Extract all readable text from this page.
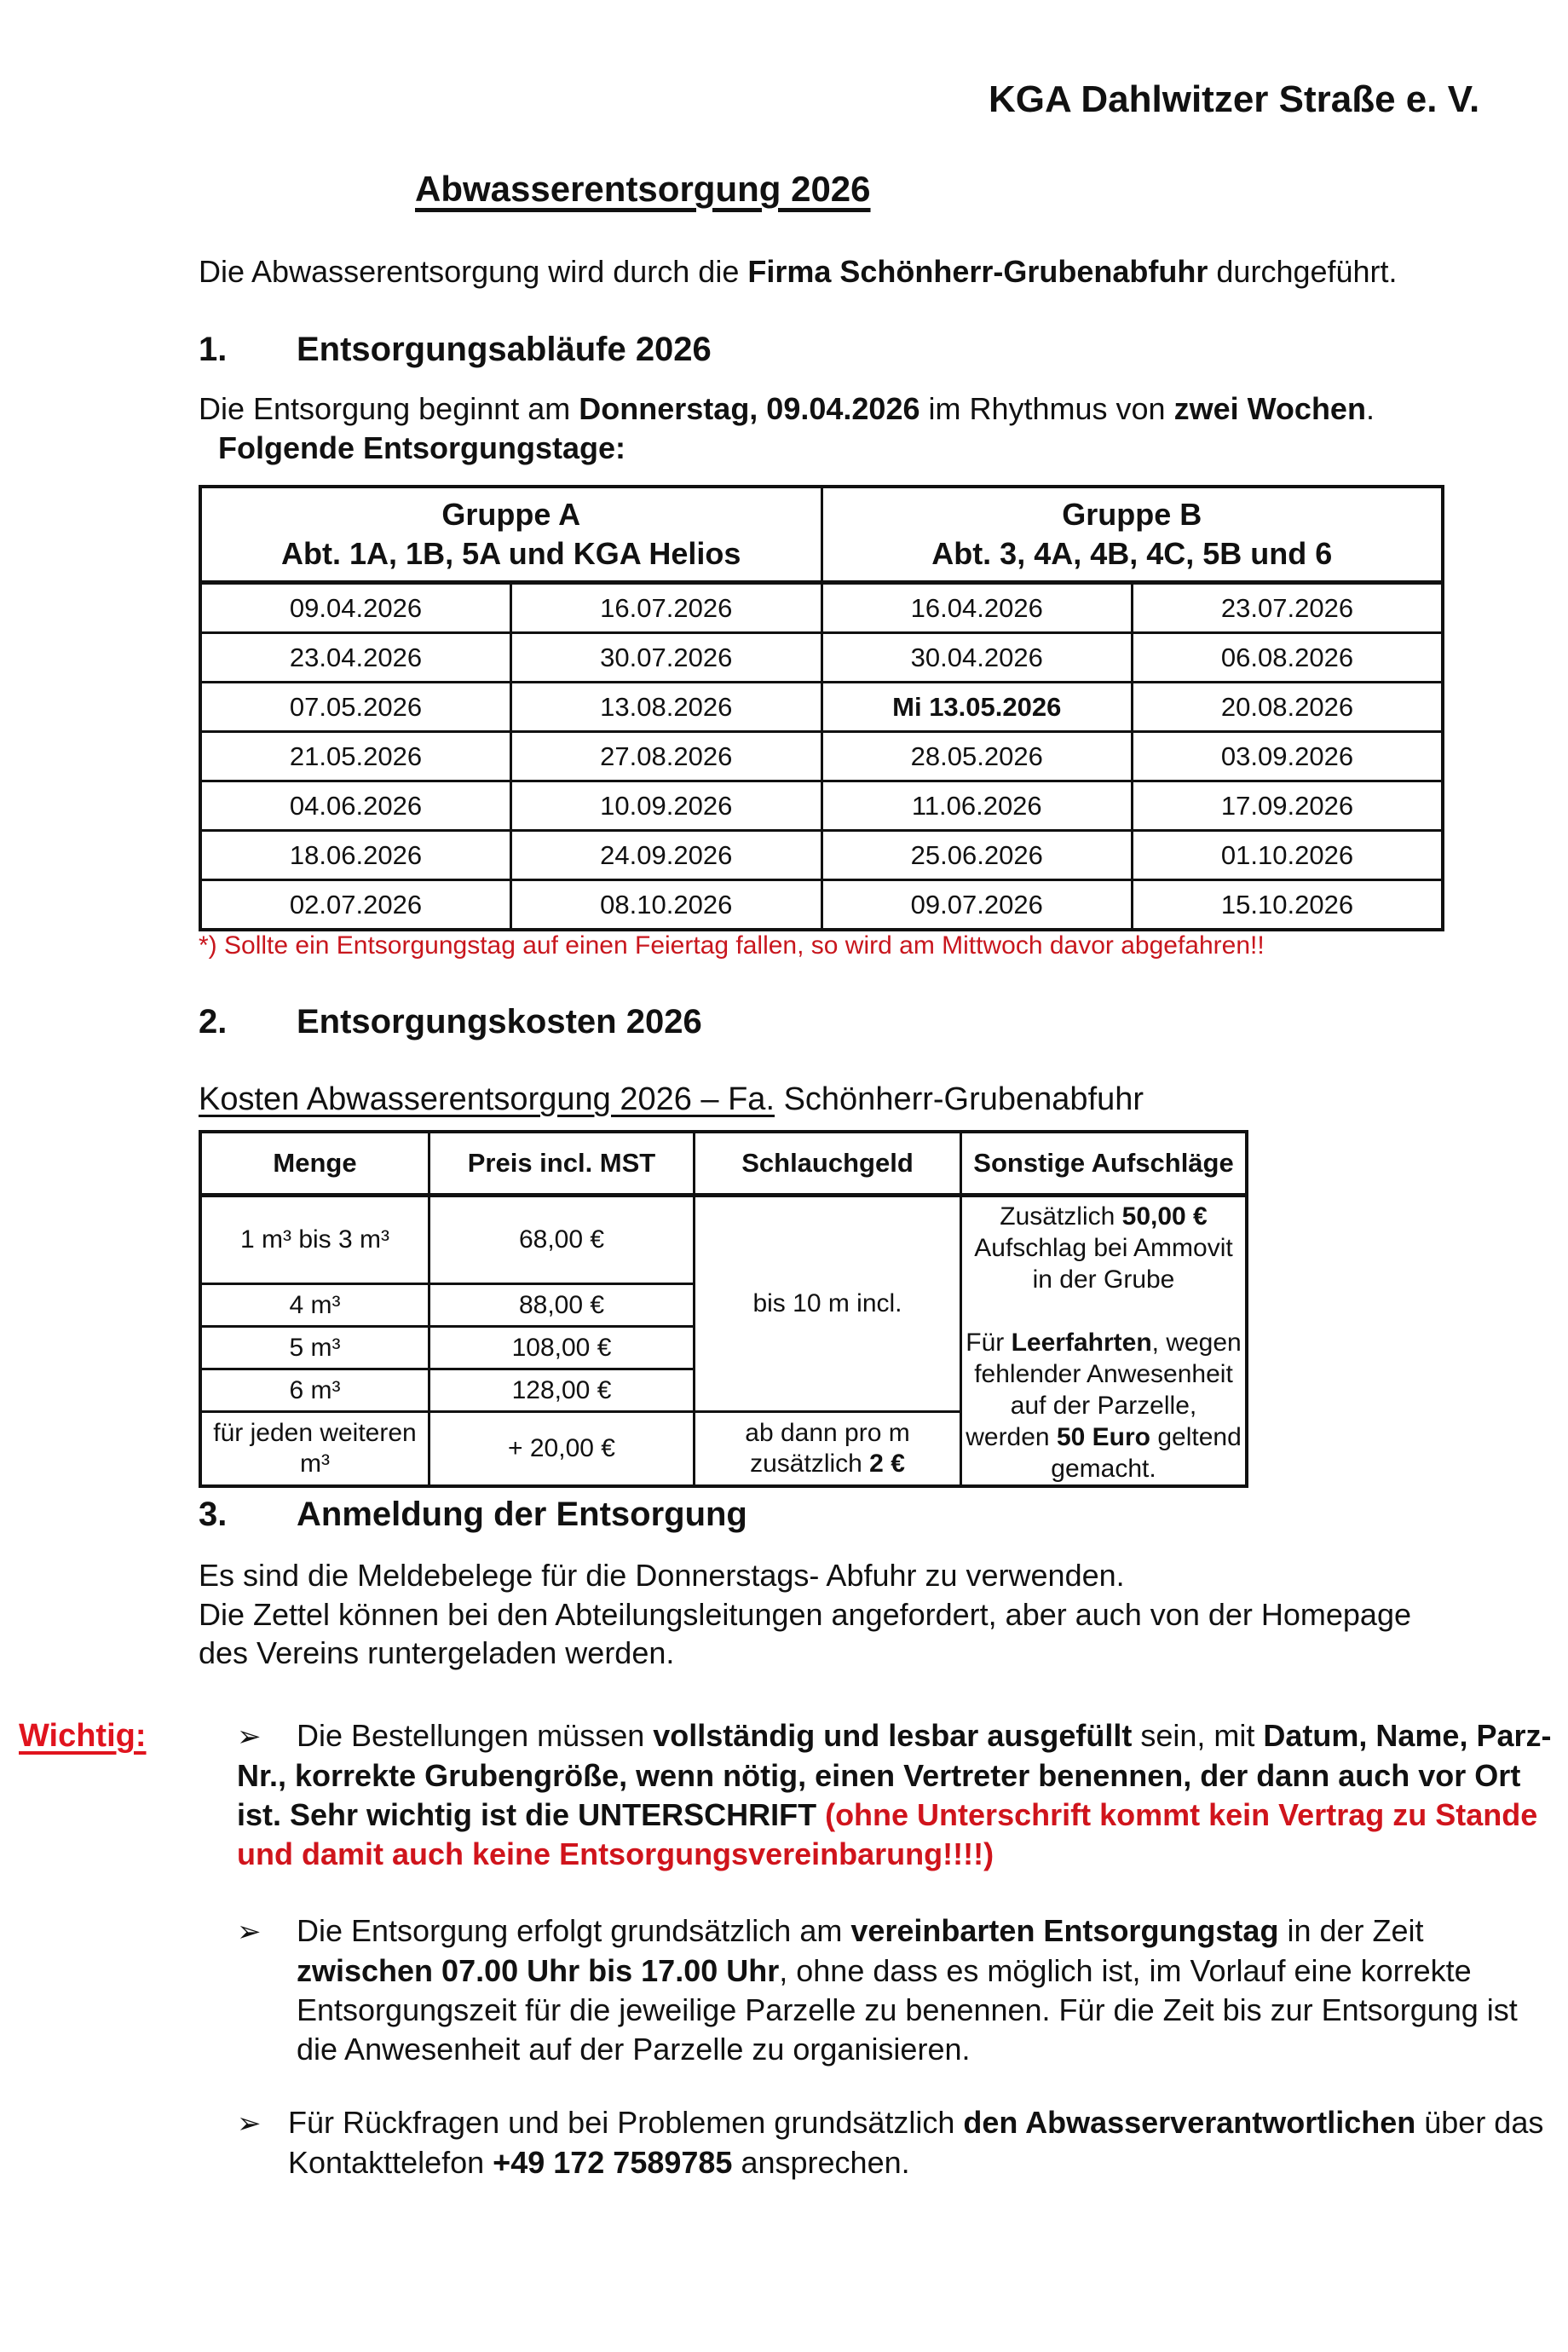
KGA Dahlwitzer Straße e. V.
Abwasserentsorgung 2026
Die Abwasserentsorgung wird durch die Firma Schönherr-Grubenabfuhr durchgeführt.
1. Entsorgungsabläufe 2026
Die Entsorgung beginnt am Donnerstag, 09.04.2026 im Rhythmus von zwei Wochen.
Folgende Entsorgungstage:
Gruppe A
Abt. 1A, 1B, 5A und KGA Helios

Gruppe B
Abt. 3, 4A, 4B, 4C, 5B und 6

09.04.2026	16.07.2026	16.04.2026	23.07.2026
23.04.2026	30.07.2026	30.04.2026	06.08.2026
07.05.2026	13.08.2026	Mi 13.05.2026	20.08.2026
21.05.2026	27.08.2026	28.05.2026	03.09.2026
04.06.2026	10.09.2026	11.06.2026	17.09.2026
18.06.2026	24.09.2026	25.06.2026	01.10.2026
02.07.2026	08.10.2026	09.07.2026	15.10.2026
*) Sollte ein Entsorgungstag auf einen Feiertag fallen, so wird am Mittwoch davor abgefahren!!
2. Entsorgungskosten 2026
Kosten Abwasserentsorgung 2026 – Fa. Schönherr-Grubenabfuhr
Menge	Preis incl. MST	Schlauchgeld	Sonstige Aufschläge
1 m³ bis 3 m³	68,00 €	bis 10 m incl.	Zusätzlich 50,00 € Aufschlag bei Ammovit in der Grube
Für Leerfahrten, wegen fehlender Anwesenheit auf der Parzelle, werden 50 Euro geltend gemacht.

4 m³	88,00 €		
5 m³	108,00 €		
6 m³	128,00 €		
für jeden weiteren m³	+ 20,00 €	ab dann pro m zusätzlich 2 €	
3. Anmeldung der Entsorgung
Es sind die Meldebelege für die Donnerstags- Abfuhr zu verwenden.
Die Zettel können bei den Abteilungsleitungen angefordert, aber auch von der Homepage
des Vereins runtergeladen werden.
Wichtig:	➢ Die Bestellungen müssen vollständig und lesbar ausgefüllt sein, mit Datum, Name, Parz-Nr., korrekte Grubengröße, wenn nötig, einen Vertreter benennen, der dann auch vor Ort ist. Sehr wichtig ist die UNTERSCHRIFT (ohne Unterschrift kommt kein Vertrag zu Stande und damit auch keine Entsorgungsvereinbarung!!!!)
➢ Die Entsorgung erfolgt grundsätzlich am vereinbarten Entsorgungstag in der Zeit zwischen 07.00 Uhr bis 17.00 Uhr, ohne dass es möglich ist, im Vorlauf eine korrekte Entsorgungszeit für die jeweilige Parzelle zu benennen. Für die Zeit bis zur Entsorgung ist die Anwesenheit auf der Parzelle zu organisieren.
➢ Für Rückfragen und bei Problemen grundsätzlich den Abwasserverantwortlichen über das Kontakttelefon +49 172 7589785 ansprechen.
